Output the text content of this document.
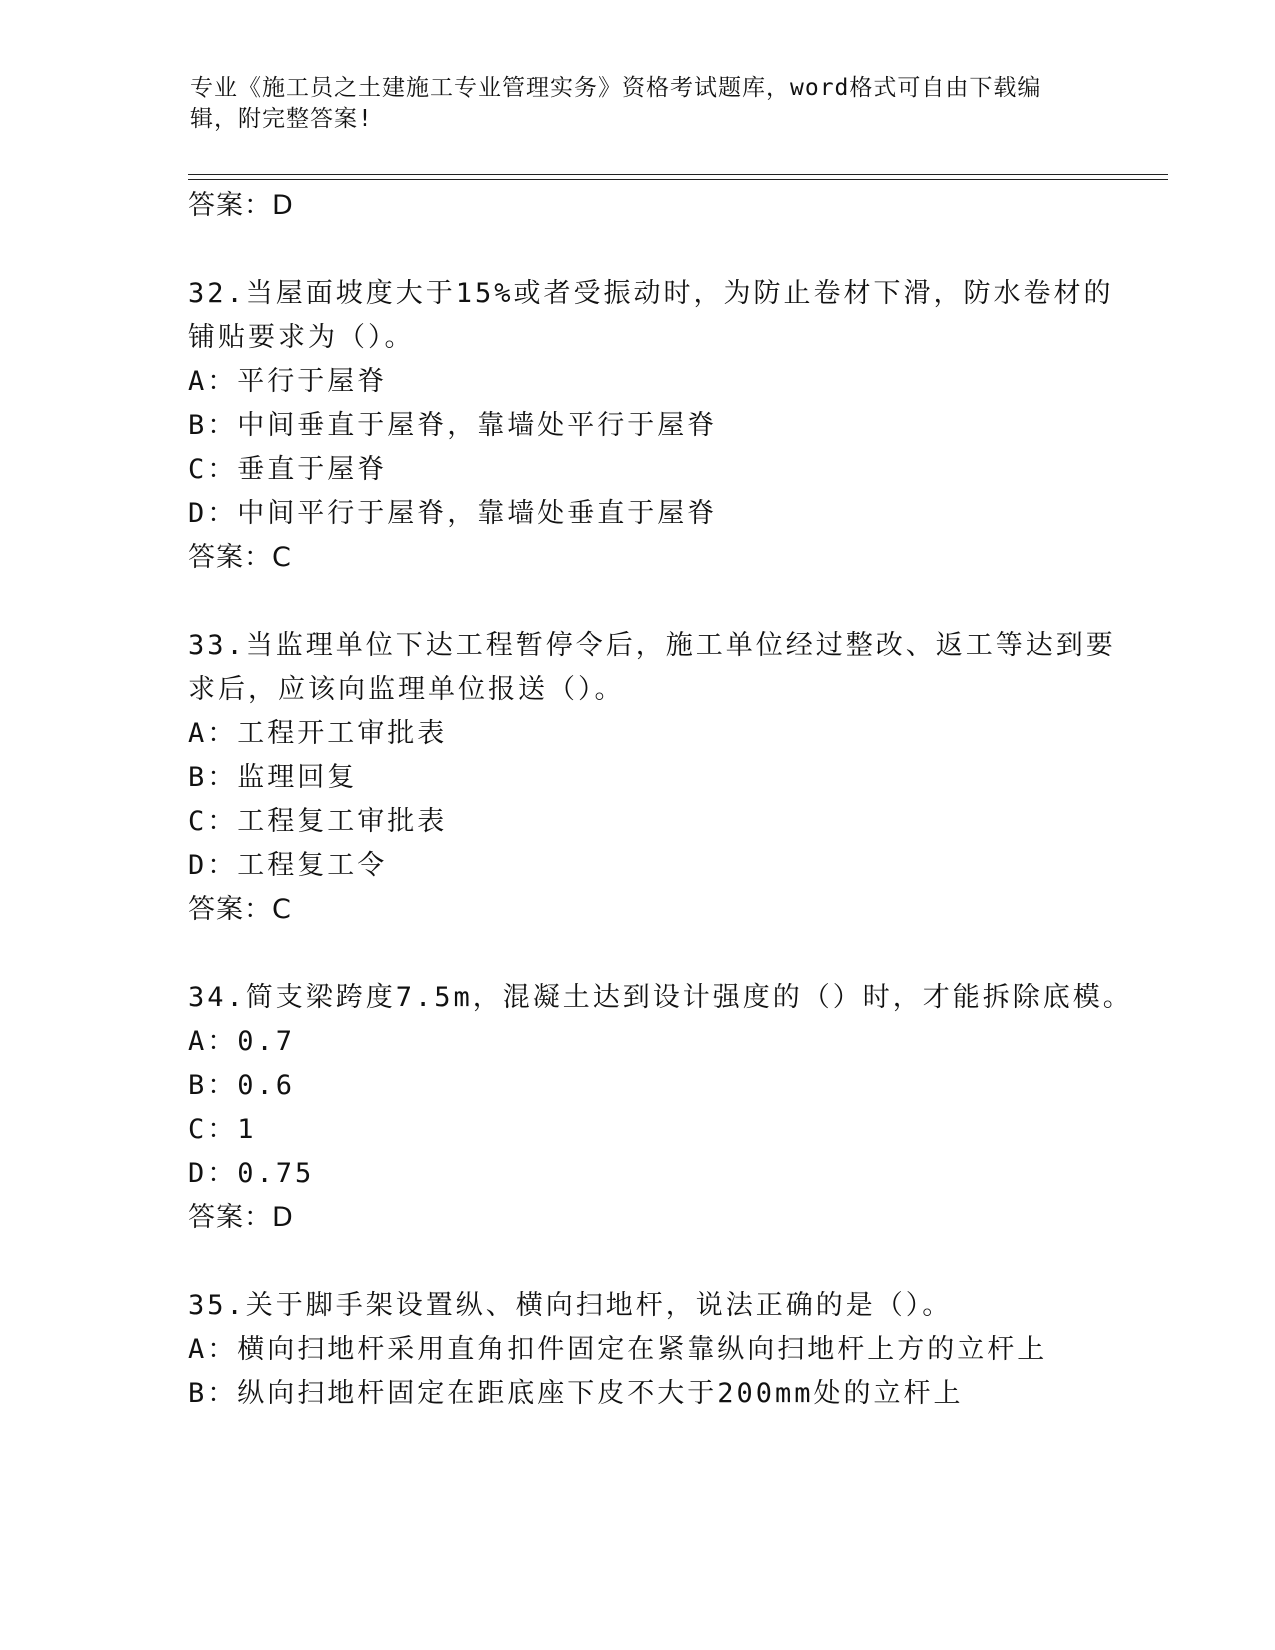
专业《施工员之土建施工专业管理实务》资格考试题库，word格式可自由下载编
辑，附完整答案!
答案：D
32.当屋面坡度大于15%或者受振动时，为防止卷材下滑，防水卷材的
铺贴要求为（）。
A：平行于屋脊
B：中间垂直于屋脊，靠墙处平行于屋脊
C：垂直于屋脊
D：中间平行于屋脊，靠墙处垂直于屋脊
答案：C
33.当监理单位下达工程暂停令后，施工单位经过整改、返工等达到要
求后，应该向监理单位报送（）。
A：工程开工审批表
B：监理回复
C：工程复工审批表
D：工程复工令
答案：C
34.简支梁跨度7.5m，混凝土达到设计强度的（）时，才能拆除底模。
A：0.7
B：0.6
C：1
D：0.75
答案：D
35.关于脚手架设置纵、横向扫地杆，说法正确的是（）。
A：横向扫地杆采用直角扣件固定在紧靠纵向扫地杆上方的立杆上
B：纵向扫地杆固定在距底座下皮不大于200mm处的立杆上
